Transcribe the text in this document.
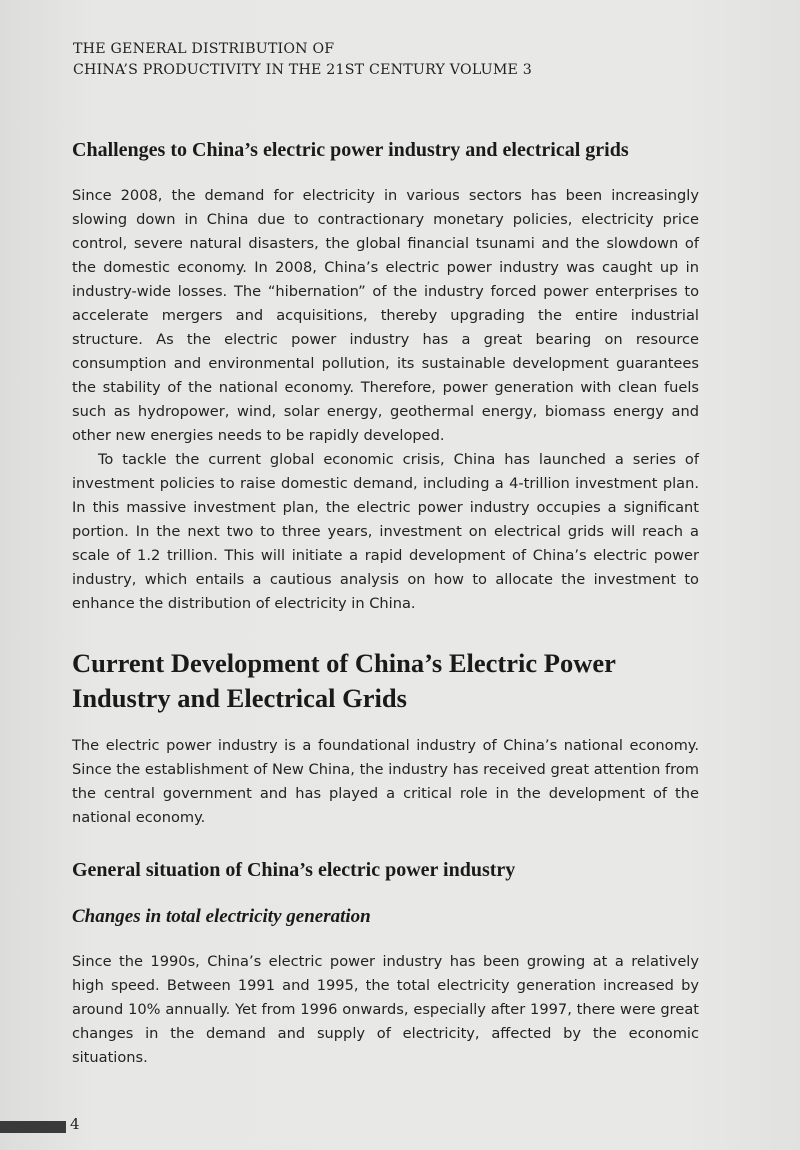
THE GENERAL DISTRIBUTION OF
CHINA’S PRODUCTIVITY IN THE 21ST CENTURY VOLUME 3
Challenges to China’s electric power industry and electrical grids

Since 2008, the demand for electricity in various sectors has been increasingly slowing down in China due to contractionary monetary policies, electricity price control, severe natural disasters, the global financial tsunami and the slowdown of the domestic economy. In 2008, China’s electric power industry was caught up in industry-wide losses. The “hibernation” of the industry forced power enterprises to accelerate mergers and acquisitions, thereby upgrading the entire industrial structure. As the electric power industry has a great bearing on resource consumption and environmental pollution, its sustainable development guarantees the stability of the national economy. Therefore, power generation with clean fuels such as hydropower, wind, solar energy, geothermal energy, biomass energy and other new energies needs to be rapidly developed.

To tackle the current global economic crisis, China has launched a series of investment policies to raise domestic demand, including a 4-trillion investment plan. In this massive investment plan, the electric power industry occupies a significant portion. In the next two to three years, investment on electrical grids will reach a scale of 1.2 trillion. This will initiate a rapid development of China’s electric power industry, which entails a cautious analysis on how to allocate the investment to enhance the distribution of electricity in China.

Current Development of China’s Electric Power
Industry and Electrical Grids

The electric power industry is a foundational industry of China’s national economy. Since the establishment of New China, the industry has received great attention from the central government and has played a critical role in the development of the national economy.

General situation of China’s electric power industry
Changes in total electricity generation

Since the 1990s, China’s electric power industry has been growing at a relatively high speed. Between 1991 and 1995, the total electricity generation increased by around 10% annually. Yet from 1996 onwards, especially after 1997, there were great changes in the demand and supply of electricity, affected by the economic situations.

4
